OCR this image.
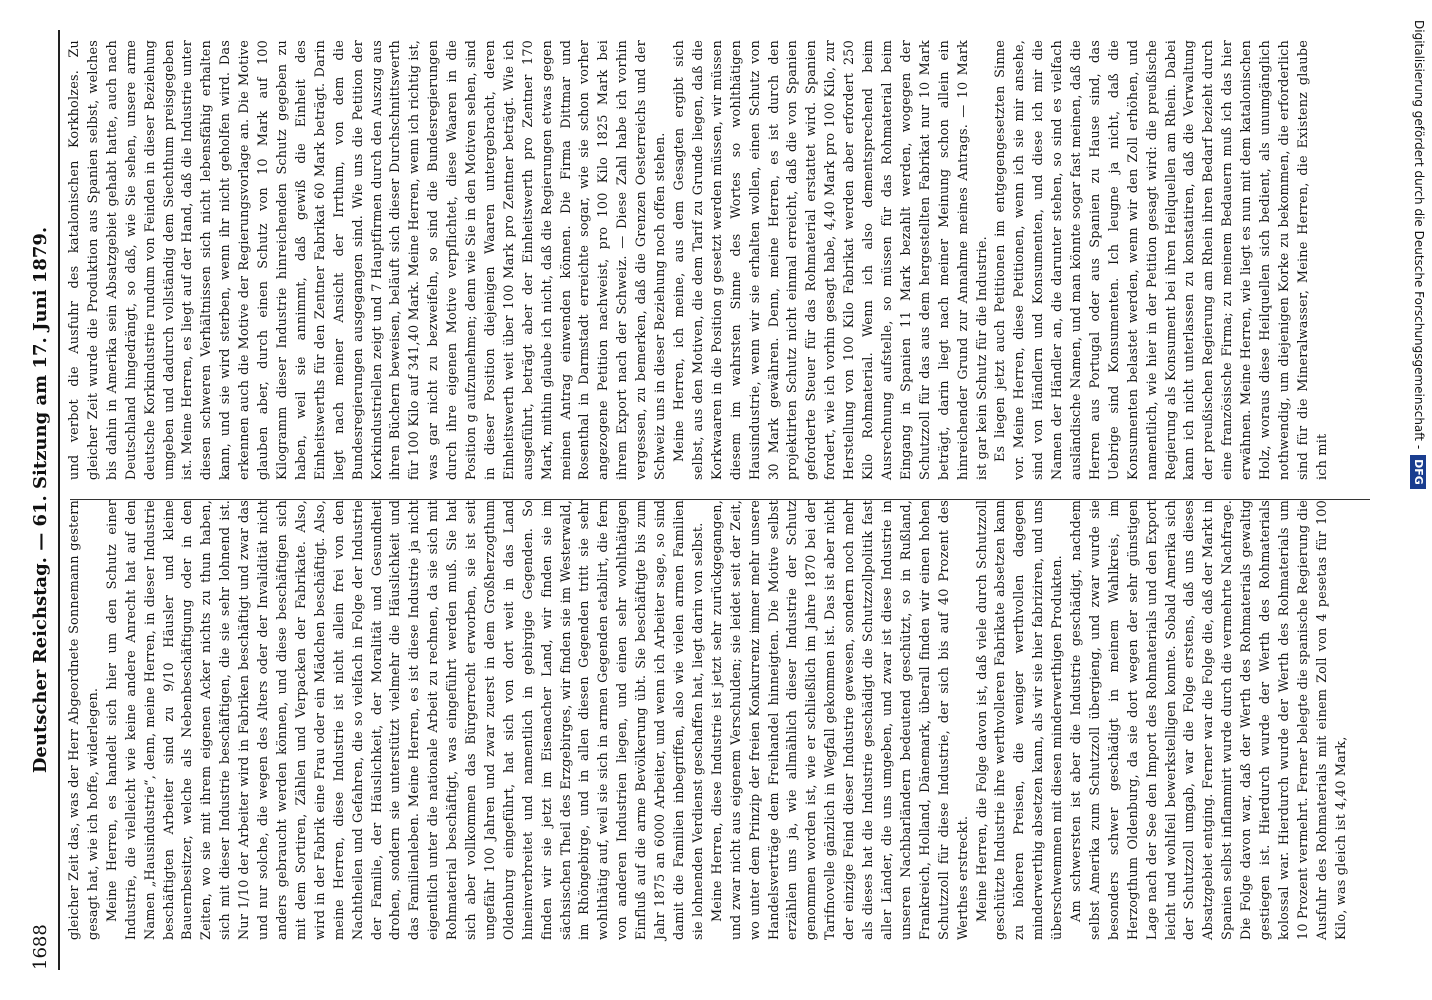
1688
Deutscher Reichstag. — 61. Sitzung am 17. Juni 1879. gleicher Zeit das, was der Herr Abgeordnete Sonnemann gestern gesagt hat, wie ich hoffe, widerlegen. Meine Herren, es handelt sich hier um den Schutz einer Industrie, die vielleicht wie keine andere Anrecht hat auf den Namen „Hausindustrie“, denn, meine Herren, in dieser Industrie beschäftigten Arbeiter sind zu 9/10 Häusler und kleine Bauernbesitzer, welche als Nebenbeschäftigung oder in den Zeiten, wo sie mit ihrem eigenen Acker nichts zu thun haben, sich mit dieser Industrie beschäftigen, die sie sehr lohnend ist. Nur 1/10 der Arbeiter wird in Fabriken beschäftigt und zwar das und nur solche, die wegen des Alters oder der Invalidität nicht anders gebraucht werden können, und diese beschäftigen sich mit dem Sortiren, Zählen und Verpacken der Fabrikate. Also, wird in der Fabrik eine Frau oder ein Mädchen beschäftigt. Also, meine Herren, diese Industrie ist nicht allein frei von den Nachtheilen und Gefahren, die so vielfach in Folge der Industrie der Familie, der Häuslichkeit, der Moralität und Gesundheit drohen, sondern sie unterstützt vielmehr die Häuslichkeit und das Familienleben. Meine Herren, es ist diese Industrie ja nicht eigentlich unter die nationale Arbeit zu rechnen, da sie sich mit Rohmaterial beschäftigt, was eingeführt werden muß. Sie hat sich aber vollkommen das Bürgerrecht erworben, sie ist seit ungefähr 100 Jahren und zwar zuerst in dem Großherzogthum Oldenburg eingeführt, hat sich von dort weit in das Land hineinverbreitet und namentlich in gebirgige Gegenden. So finden wir sie jetzt im Eisenacher Land, wir finden sie im sächsischen Theil des Erzgebirges, wir finden sie im Westerwald, im Rhöngebirge, und in allen diesen Gegenden tritt sie sehr wohlthätig auf, weil sie sich in armen Gegenden etablirt, die fern von anderen Industrien liegen, und einen sehr wohlthätigen Einfluß auf die arme Bevölkerung übt. Sie beschäftigte bis zum Jahr 1875 an 6000 Arbeiter, und wenn ich Arbeiter sage, so sind damit die Familien inbegriffen, also wie vielen armen Familien sie lohnenden Verdienst geschaffen hat, liegt darin von selbst. Meine Herren, diese Industrie ist jetzt sehr zurückgegangen, und zwar nicht aus eigenem Verschulden; sie leidet seit der Zeit, wo unter dem Prinzip der freien Konkurrenz immer mehr unsere Handelsverträge dem Freihandel hinneigten. Die Motive selbst erzählen uns ja, wie allmählich dieser Industrie der Schutz genommen worden ist, wie er schließlich im Jahre 1870 bei der Tarifnovelle gänzlich in Wegfall gekommen ist. Das ist aber nicht der einzige Feind dieser Industrie gewesen, sondern noch mehr als dieses hat die Industrie geschädigt die Schutzzollpolitik fast aller Länder, die uns umgeben, und zwar ist diese Industrie in unseren Nachbarländern bedeutend geschützt, so in Rußland, Frankreich, Holland, Dänemark, überall finden wir einen hohen Schutzzoll für diese Industrie, der sich bis auf 40 Prozent des Werthes erstreckt. Meine Herren, die Folge davon ist, daß viele durch Schutzzoll geschützte Industrie ihre werthvolleren Fabrikate absetzen kann zu höheren Preisen, die weniger werthvollen dagegen minderwerthig absetzen kann, als wir sie hier fabriziren, und uns überschwemmen mit diesen minderwerthigen Produkten. Am schwersten ist aber die Industrie geschädigt, nachdem selbst Amerika zum Schutzzoll übergieng, und zwar wurde sie besonders schwer geschädigt in meinem Wahlkreis, im Herzogthum Oldenburg, da sie dort wegen der sehr günstigen Lage nach der See den Import des Rohmaterials und den Export leicht und wohlfeil bewerkstelligen konnte. Sobald Amerika sich der Schutzzoll umgab, war die Folge erstens, daß uns dieses Absatzgebiet entging. Ferner war die Folge die, daß der Markt in Spanien selbst inflammirt wurde durch die vermehrte Nachfrage. Die Folge davon war, daß der Werth des Rohmaterials gewaltig gestiegen ist. Hierdurch wurde der Werth des Rohmaterials kolossal war. Hierdurch wurde der Werth des Rohmaterials um 10 Prozent vermehrt. Ferner belegte die spanische Regierung die Ausfuhr des Rohmaterials mit einem Zoll von 4 pesetas für 100 Kilo, was gleich ist 4,40 Mark,

und verbot die Ausfuhr des katalonischen Korkholzes. Zu gleicher Zeit wurde die Produktion aus Spanien selbst, welches bis dahin in Amerika sein Absatzgebiet gehabt hatte, auch nach Deutschland hingedrängt, so daß, wie Sie sehen, unsere arme deutsche Korkindustrie rundum von Feinden in dieser Beziehung umgeben und dadurch vollständig dem Siechthum preisgegeben ist. Meine Herren, es liegt auf der Hand, daß die Industrie unter diesen schweren Verhältnissen sich nicht lebensfähig erhalten kann, und sie wird sterben, wenn ihr nicht geholfen wird. Das erkennen auch die Motive der Regierungsvorlage an. Die Motive glauben aber, durch einen Schutz von 10 Mark auf 100 Kilogramm dieser Industrie hinreichenden Schutz gegeben zu haben, weil sie annimmt, daß gewiß die Einheit des Einheitswerths für den Zentner Fabrikat 60 Mark beträgt. Darin liegt nach meiner Ansicht der Irrthum, von dem die Bundesregierungen ausgegangen sind. Wie uns die Petition der Korkindustriellen zeigt und 7 Hauptfirmen durch den Auszug aus ihren Büchern beweisen, beläuft sich dieser Durchschnittswerth für 100 Kilo auf 341,40 Mark. Meine Herren, wenn ich richtig ist, was gar nicht zu bezweifeln, so sind die Bundesregierungen durch ihre eigenen Motive verpflichtet, diese Waaren in die Position g aufzunehmen; denn wie Sie in den Motiven sehen, sind in dieser Position diejenigen Waaren untergebracht, deren Einheitswerth weit über 100 Mark pro Zentner beträgt. Wie ich ausgeführt, beträgt aber der Einheitswerth pro Zentner 170 Mark, mithin glaube ich nicht, daß die Regierungen etwas gegen meinen Antrag einwenden können. Die Firma Dittmar und Rosenthal in Darmstadt erreichte sogar, wie sie schon vorher angezogene Petition nachweist, pro 100 Kilo 1825 Mark bei ihrem Export nach der Schweiz. — Diese Zahl habe ich vorhin vergessen, zu bemerken, daß die Grenzen Oesterreichs und der Schweiz uns in dieser Beziehung noch offen stehen. Meine Herren, ich meine, aus dem Gesagten ergibt sich selbst, aus den Motiven, die dem Tarif zu Grunde liegen, daß die Korkwaaren in die Position g gesetzt werden müssen, wir müssen diesem im wahrsten Sinne des Wortes so wohlthätigen Hausindustrie, wenn wir sie erhalten wollen, einen Schutz von 30 Mark gewähren. Denn, meine Herren, es ist durch den projektirten Schutz nicht einmal erreicht, daß die von Spanien geforderte Steuer für das Rohmaterial erstattet wird. Spanien fordert, wie ich vorhin gesagt habe, 4,40 Mark pro 100 Kilo, zur Herstellung von 100 Kilo Fabrikat werden aber erfordert 250 Kilo Rohmaterial. Wenn ich also dementsprechend beim Ausrechnung aufstelle, so müssen für das Rohmaterial beim Eingang in Spanien 11 Mark bezahlt werden, wogegen der Schutzzoll für das aus dem hergestellten Fabrikat nur 10 Mark beträgt, darin liegt nach meiner Meinung schon allein ein hinreichender Grund zur Annahme meines Antrags. — 10 Mark ist gar kein Schutz für die Industrie. Es liegen jetzt auch Petitionen im entgegengesetzten Sinne vor. Meine Herren, diese Petitionen, wenn ich sie mir ansehe, sind von Händlern und Konsumenten, und diese ich mir die Namen der Händler an, die darunter stehen, so sind es vielfach ausländische Namen, und man könnte sogar fast meinen, daß die Herren aus Portugal oder aus Spanien zu Hause sind, das Uebrige sind Konsumenten. Ich leugne ja nicht, daß die Konsumenten belastet werden, wenn wir den Zoll erhöhen, und namentlich, wie hier in der Petition gesagt wird: die preußische Regierung als Konsument bei ihren Heilquellen am Rhein. Dabei kann ich nicht unterlassen zu konstatiren, daß die Verwaltung der preußischen Regierung am Rhein ihren Bedarf bezieht durch eine französische Firma; zu meinem Bedauern muß ich das hier erwähnen. Meine Herren, wie liegt es nun mit dem katalonischen Holz, woraus diese Heilquellen sich bedient, als unumgänglich nothwendig, um diejenigen Korke zu bekommen, die erforderlich sind für die Mineralwasser, Meine Herren, die Existenz glaube ich mit

Digitalisierung gefördert durch die Deutsche Forschungsgemeinschaft -DFG
